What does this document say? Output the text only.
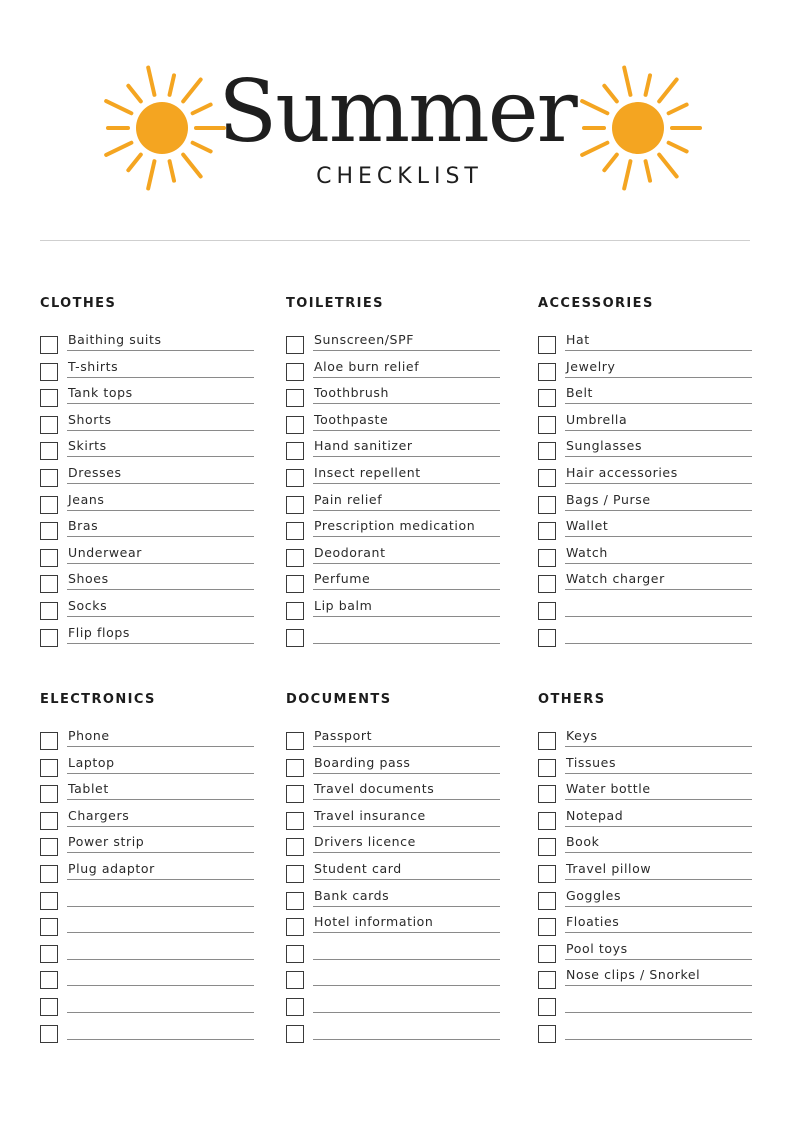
Summer
CHECKLIST
CLOTHES
Baithing suits
T-shirts
Tank tops
Shorts
Skirts
Dresses
Jeans
Bras
Underwear
Shoes
Socks
Flip flops
TOILETRIES
Sunscreen/SPF
Aloe burn relief
Toothbrush
Toothpaste
Hand sanitizer
Insect repellent
Pain relief
Prescription medication
Deodorant
Perfume
Lip balm
ACCESSORIES
Hat
Jewelry
Belt
Umbrella
Sunglasses
Hair accessories
Bags / Purse
Wallet
Watch
Watch charger
ELECTRONICS
Phone
Laptop
Tablet
Chargers
Power strip
Plug adaptor
DOCUMENTS
Passport
Boarding pass
Travel documents
Travel insurance
Drivers licence
Student card
Bank cards
Hotel information
OTHERS
Keys
Tissues
Water bottle
Notepad
Book
Travel pillow
Goggles
Floaties
Pool toys
Nose clips / Snorkel
